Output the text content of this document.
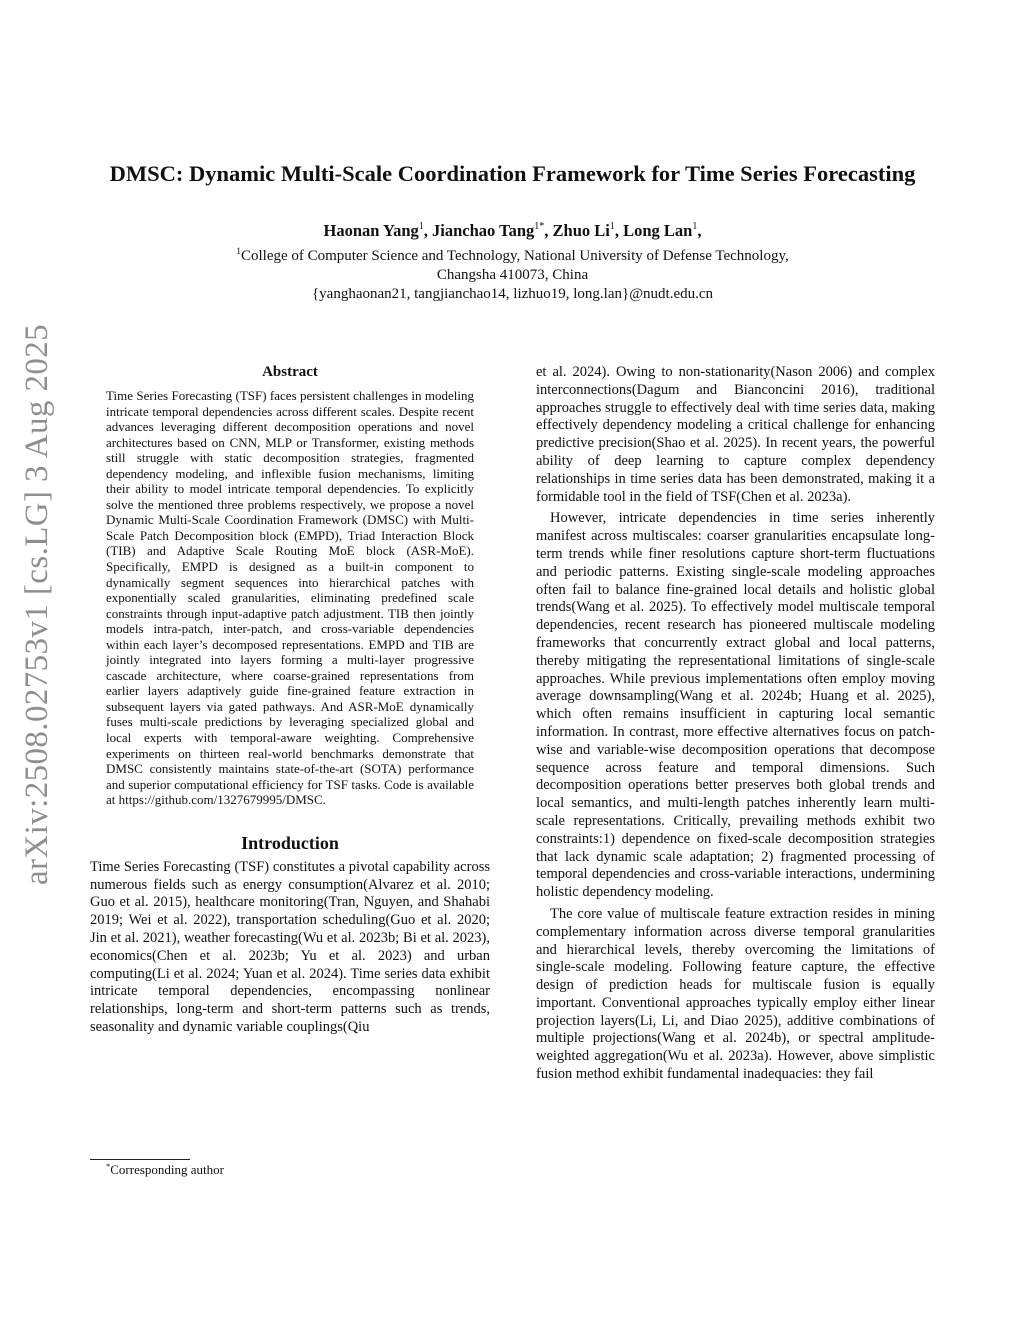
arXiv:2508.02753v1 [cs.LG] 3 Aug 2025
DMSC: Dynamic Multi-Scale Coordination Framework for Time Series Forecasting
Haonan Yang$^1$, Jianchao Tang$^{1*}$, Zhuo Li$^1$, Long Lan$^1$,
$^1$College of Computer Science and Technology, National University of Defense Technology,
Changsha 410073, China
{yanghaonan21, tangjianchao14, lizhuo19, long.lan}@nudt.edu.cn
Abstract

Time Series Forecasting (TSF) faces persistent challenges in modeling intricate temporal dependencies across different scales. Despite recent advances leveraging different decomposition operations and novel architectures based on CNN, MLP or Transformer, existing methods still struggle with static decomposition strategies, fragmented dependency modeling, and inflexible fusion mechanisms, limiting their ability to model intricate temporal dependencies. To explicitly solve the mentioned three problems respectively, we propose a novel Dynamic Multi-Scale Coordination Framework (DMSC) with Multi-Scale Patch Decomposition block (EMPD), Triad Interaction Block (TIB) and Adaptive Scale Routing MoE block (ASR-MoE). Specifically, EMPD is designed as a built-in component to dynamically segment sequences into hierarchical patches with exponentially scaled granularities, eliminating predefined scale constraints through input-adaptive patch adjustment. TIB then jointly models intra-patch, inter-patch, and cross-variable dependencies within each layer’s decomposed representations. EMPD and TIB are jointly integrated into layers forming a multi-layer progressive cascade architecture, where coarse-grained representations from earlier layers adaptively guide fine-grained feature extraction in subsequent layers via gated pathways. And ASR-MoE dynamically fuses multi-scale predictions by leveraging specialized global and local experts with temporal-aware weighting. Comprehensive experiments on thirteen real-world benchmarks demonstrate that DMSC consistently maintains state-of-the-art (SOTA) performance and superior computational efficiency for TSF tasks. Code is available at https://github.com/1327679995/DMSC.

Introduction

Time Series Forecasting (TSF) constitutes a pivotal capability across numerous fields such as energy consumption(Alvarez et al. 2010; Guo et al. 2015), healthcare monitoring(Tran, Nguyen, and Shahabi 2019; Wei et al. 2022), transportation scheduling(Guo et al. 2020; Jin et al. 2021), weather forecasting(Wu et al. 2023b; Bi et al. 2023), economics(Chen et al. 2023b; Yu et al. 2023) and urban computing(Li et al. 2024; Yuan et al. 2024). Time series data exhibit intricate temporal dependencies, encompassing nonlinear relationships, long-term and short-term patterns such as trends, seasonality and dynamic variable couplings(Qiu

et al. 2024). Owing to non-stationarity(Nason 2006) and complex interconnections(Dagum and Bianconcini 2016), traditional approaches struggle to effectively deal with time series data, making effectively dependency modeling a critical challenge for enhancing predictive precision(Shao et al. 2025). In recent years, the powerful ability of deep learning to capture complex dependency relationships in time series data has been demonstrated, making it a formidable tool in the field of TSF(Chen et al. 2023a).

However, intricate dependencies in time series inherently manifest across multiscales: coarser granularities encapsulate long-term trends while finer resolutions capture short-term fluctuations and periodic patterns. Existing single-scale modeling approaches often fail to balance fine-grained local details and holistic global trends(Wang et al. 2025). To effectively model multiscale temporal dependencies, recent research has pioneered multiscale modeling frameworks that concurrently extract global and local patterns, thereby mitigating the representational limitations of single-scale approaches. While previous implementations often employ moving average downsampling(Wang et al. 2024b; Huang et al. 2025), which often remains insufficient in capturing local semantic information. In contrast, more effective alternatives focus on patch-wise and variable-wise decomposition operations that decompose sequence across feature and temporal dimensions. Such decomposition operations better preserves both global trends and local semantics, and multi-length patches inherently learn multi-scale representations. Critically, prevailing methods exhibit two constraints:1) dependence on fixed-scale decomposition strategies that lack dynamic scale adaptation; 2) fragmented processing of temporal dependencies and cross-variable interactions, undermining holistic dependency modeling.

The core value of multiscale feature extraction resides in mining complementary information across diverse temporal granularities and hierarchical levels, thereby overcoming the limitations of single-scale modeling. Following feature capture, the effective design of prediction heads for multiscale fusion is equally important. Conventional approaches typically employ either linear projection layers(Li, Li, and Diao 2025), additive combinations of multiple projections(Wang et al. 2024b), or spectral amplitude-weighted aggregation(Wu et al. 2023a). However, above simplistic fusion method exhibit fundamental inadequacies: they fail

*Corresponding author
